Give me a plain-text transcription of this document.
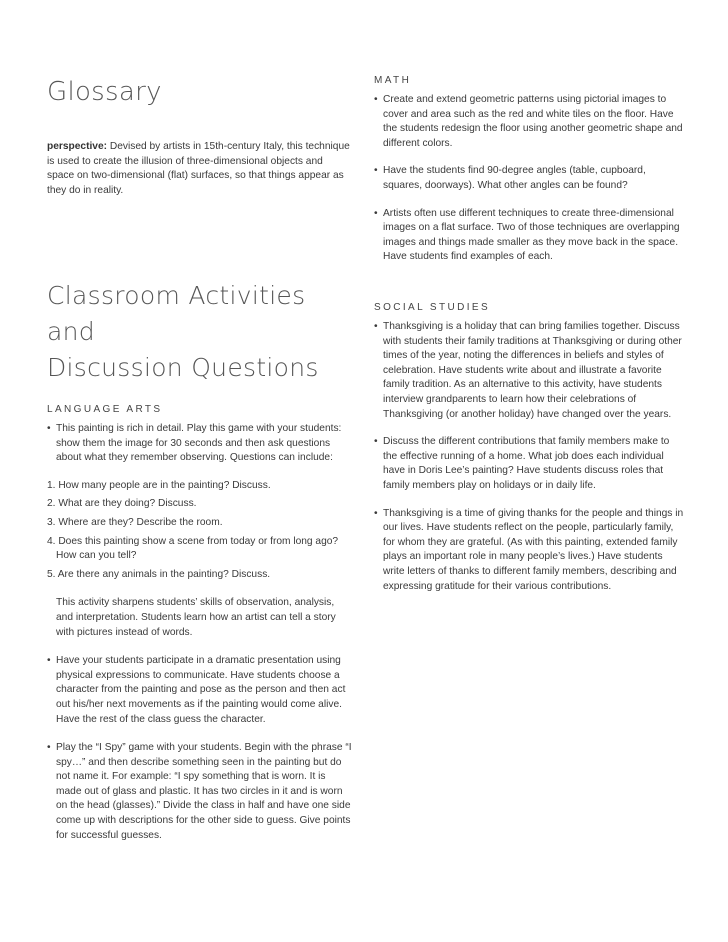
Glossary

perspective: Devised by artists in 15th-century Italy, this technique is used to create the illusion of three-dimensional objects and space on two-dimensional (flat) surfaces, so that things appear as they do in reality.

Classroom Activities and
Discussion Questions

LANGUAGE ARTS

• This painting is rich in detail. Play this game with your students: show them the image for 30 seconds and then ask questions about what they remember observing. Questions can include:

1. How many people are in the painting? Discuss.

2. What are they doing? Discuss.

3. Where are they? Describe the room.

4. Does this painting show a scene from today or from long ago? How can you tell?

5. Are there any animals in the painting? Discuss.

This activity sharpens students’ skills of observation, analysis, and interpretation. Students learn how an artist can tell a story with pictures instead of words.

• Have your students participate in a dramatic presentation using physical expressions to communicate. Have students choose a character from the painting and pose as the person and then act out his/her next movements as if the painting would come alive. Have the rest of the class guess the character.

• Play the “I Spy” game with your students. Begin with the phrase “I spy…” and then describe something seen in the painting but do not name it. For example: “I spy something that is worn. It is made out of glass and plastic. It has two circles in it and is worn on the head (glasses).” Divide the class in half and have one side come up with descriptions for the other side to guess. Give points for successful guesses.

MATH

• Create and extend geometric patterns using pictorial images to cover and area such as the red and white tiles on the floor. Have the students redesign the floor using another geometric shape and different colors.

• Have the students find 90-degree angles (table, cupboard, squares, doorways). What other angles can be found?

• Artists often use different techniques to create three-dimensional images on a flat surface. Two of those techniques are overlapping images and things made smaller as they move back in the space. Have students find examples of each.

SOCIAL STUDIES

• Thanksgiving is a holiday that can bring families together. Discuss with students their family traditions at Thanksgiving or during other times of the year, noting the differences in beliefs and styles of celebration. Have students write about and illustrate a favorite family tradition. As an alternative to this activity, have students interview grandparents to learn how their celebrations of Thanksgiving (or another holiday) have changed over the years.

• Discuss the different contributions that family members make to the effective running of a home. What job does each individual have in Doris Lee’s painting? Have students discuss roles that family members play on holidays or in daily life.

• Thanksgiving is a time of giving thanks for the people and things in our lives. Have students reflect on the people, particularly family, for whom they are grateful. (As with this painting, extended family plays an important role in many people’s lives.) Have students write letters of thanks to different family members, describing and expressing gratitude for their various contributions.
